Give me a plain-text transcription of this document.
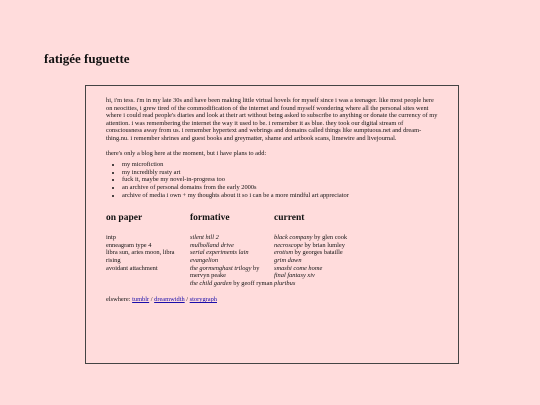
fatigée fuguette

hi, i'm tess. i'm in my late 30s and have been making little virtual hovels for myself since i was a teenager. like most people here on neocities, i grew tired of the commodification of the internet and found myself wondering where all the personal sites went where i could read people's diaries and look at their art without being asked to subscribe to anything or donate the currency of my attention. i was remembering the internet the way it used to be. i remember it as blue. they took our digital stream of consciousness away from us. i remember hypertext and webrings and domains called things like sumptuous.net and dream-thing.nu. i remember shrines and guest books and greymatter, shame and artbook scans, limewire and livejournal.

there's only a blog here at the moment, but i have plans to add:

• my microfiction
• my incredibly rusty art
• fuck it, maybe my novel-in-progress too
• an archive of personal domains from the early 2000s
• archive of media i own + my thoughts about it so i can be a more mindful art appreciator
on paper
intp
enneagram type 4
libra sun, aries moon, libra rising
avoidant attachment
formative
silent hill 2
mulholland drive
serial experiments lain
evangelion
the gormenghast trilogy by mervyn peake
the child garden by geoff ryman
current
black company by glen cook
necroscope by brian lumley
erotism by georges bataille
grim dawn
smashi come home
final fantasy xiv
pluribus

elswhere: tumblr / dreamwidth / storygraph
